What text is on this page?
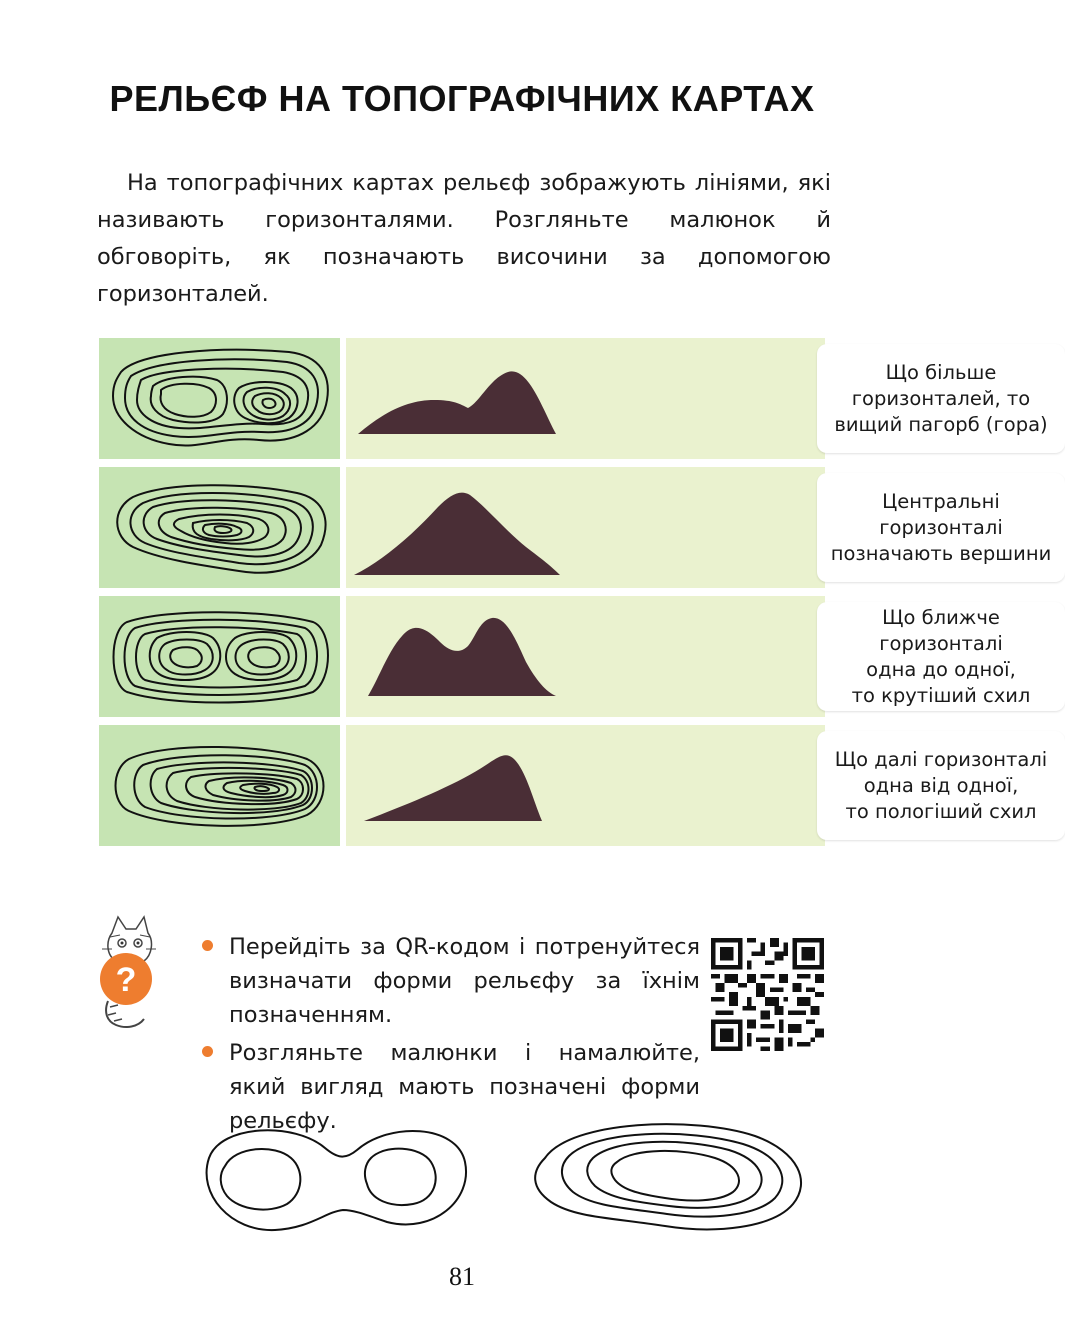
РЕЛЬЄФ НА ТОПОГРАФІЧНИХ КАРТАХ

На топографічних картах рельєф зображують лініями, які називають горизонталями. Розгляньте малюнок й обговоріть, як позначають височини за допомогою горизонталей.

Що більше
горизонталей, то
вищий пагорб (гора)
Центральні
горизонталі
позначають вершини
Що ближче
горизонталі
одна до одної,
то крутіший схил
Що далі горизонталі
одна від одної,
то пологіший схил
?
Перейдіть за QR-кодом і потренуйтеся визначати форми рельєфу за їхнім позначенням.
Розгляньте малюнки і намалюйте, який вигляд мають позначені форми рельєфу.
81
